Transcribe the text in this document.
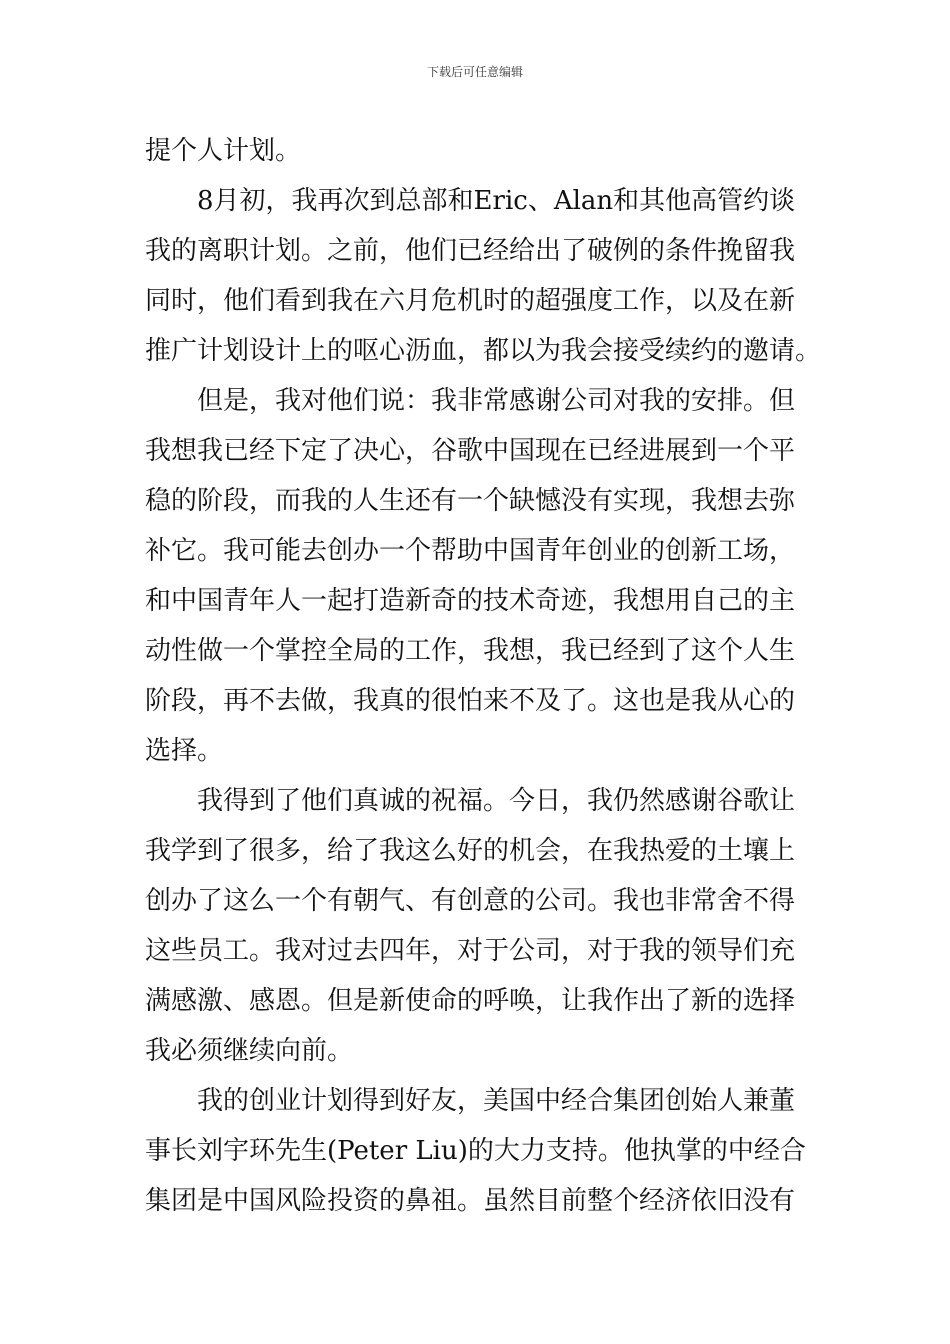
下载后可任意编辑
提个人计划。
8月初，我再次到总部和Eric、Alan和其他高管约谈
我的离职计划。之前，他们已经给出了破例的条件挽留我
同时，他们看到我在六月危机时的超强度工作，以及在新
推广计划设计上的呕心沥血，都以为我会接受续约的邀请。
但是，我对他们说：我非常感谢公司对我的安排。但
我想我已经下定了决心，谷歌中国现在已经进展到一个平
稳的阶段，而我的人生还有一个缺憾没有实现，我想去弥
补它。我可能去创办一个帮助中国青年创业的创新工场，
和中国青年人一起打造新奇的技术奇迹，我想用自己的主
动性做一个掌控全局的工作，我想，我已经到了这个人生
阶段，再不去做，我真的很怕来不及了。这也是我从心的
选择。
我得到了他们真诚的祝福。今日，我仍然感谢谷歌让
我学到了很多，给了我这么好的机会，在我热爱的土壤上
创办了这么一个有朝气、有创意的公司。我也非常舍不得
这些员工。我对过去四年，对于公司，对于我的领导们充
满感激、感恩。但是新使命的呼唤，让我作出了新的选择
我必须继续向前。
我的创业计划得到好友，美国中经合集团创始人兼董
事长刘宇环先生(Peter Liu)的大力支持。他执掌的中经合
集团是中国风险投资的鼻祖。虽然目前整个经济依旧没有
